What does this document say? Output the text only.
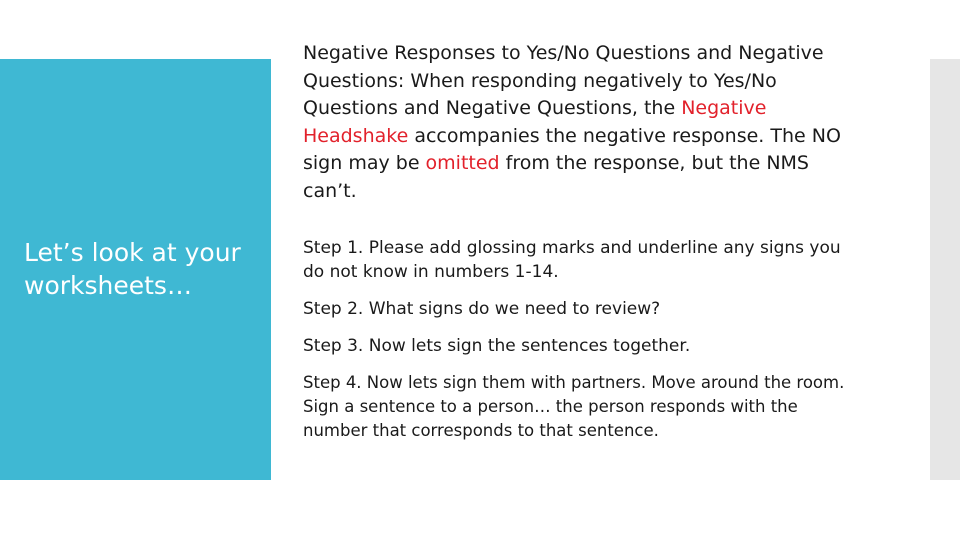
Let’s look at your worksheets…

Negative Responses to Yes/No Questions and Negative Questions: When responding negatively to Yes/No Questions and Negative Questions, the Negative Headshake accompanies the negative response. The NO sign may be omitted from the response, but the NMS can’t.

Step 1. Please add glossing marks and underline any signs you do not know in numbers 1-14.

Step 2. What signs do we need to review?

Step 3. Now lets sign the sentences together.

Step 4. Now lets sign them with partners. Move around the room. Sign a sentence to a person… the person responds with the number that corresponds to that sentence.
